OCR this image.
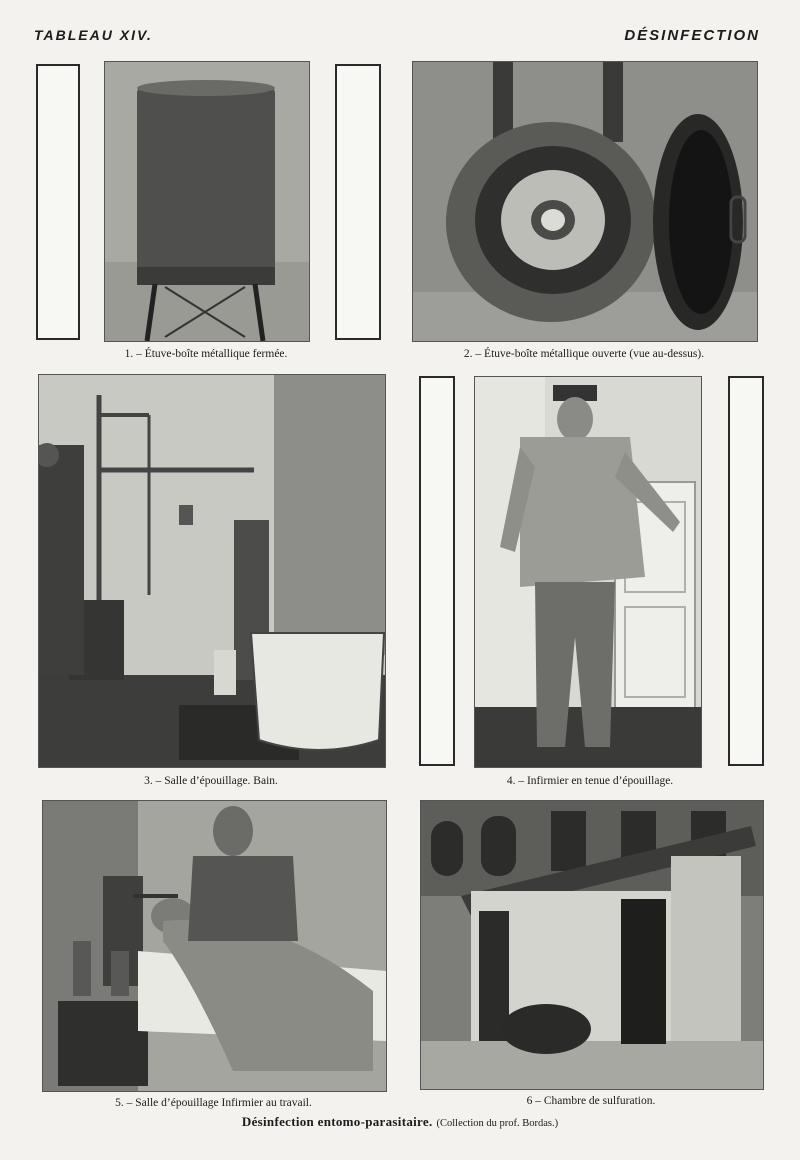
TABLEAU XIV.	DÉSINFECTION
1. – Étuve-boîte métallique fermée.	2. – Étuve-boîte métallique ouverte (vue au-dessus).
3. – Salle d’épouillage. Bain.	4. – Infirmier en tenue d’épouillage.
5. – Salle d’épouillage Infirmier au travail.	6 – Chambre de sulfuration.
Désinfection entomo-parasitaire. (Collection du prof. Bordas.)
